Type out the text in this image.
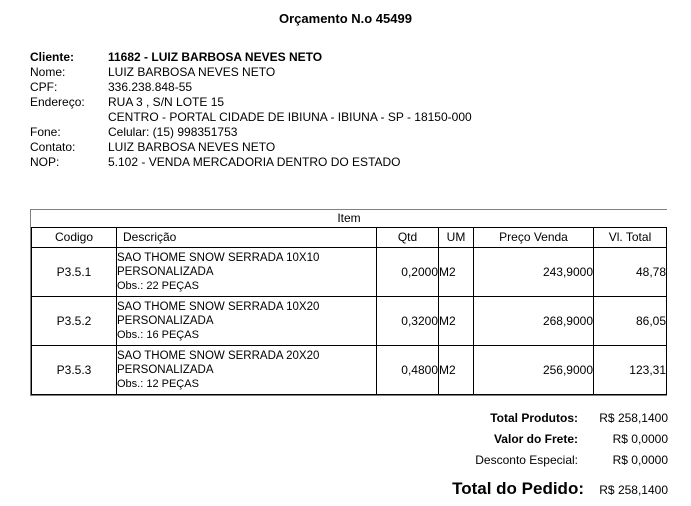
Orçamento N.o 45499
Cliente:	11682 - LUIZ BARBOSA NEVES NETO
Nome:	LUIZ BARBOSA NEVES NETO
CPF:	336.238.848-55
Endereço:	RUA 3 , S/N LOTE 15
CENTRO - PORTAL CIDADE DE IBIUNA - IBIUNA - SP - 18150-000
Fone:	Celular: (15) 998351753
Contato:	LUIZ BARBOSA NEVES NETO
NOP:	5.102 - VENDA MERCADORIA DENTRO DO ESTADO
Item					
Codigo	Descrição	Qtd	UM	Preço Venda	Vl. Total
P3.5.1	SAO THOME SNOW SERRADA 10X10
PERSONALIZADA
Obs.: 22 PEÇAS	0,2000	M2	243,9000	48,78
P3.5.2	SAO THOME SNOW SERRADA 10X20
PERSONALIZADA
Obs.: 16 PEÇAS	0,3200	M2	268,9000	86,05
P3.5.3	SAO THOME SNOW SERRADA 20X20
PERSONALIZADA
Obs.: 12 PEÇAS	0,4800	M2	256,9000	123,31
Total Produtos:	R$ 258,1400
Valor do Frete:	R$ 0,0000
Desconto Especial:	R$ 0,0000
Total do Pedido:	R$ 258,1400
